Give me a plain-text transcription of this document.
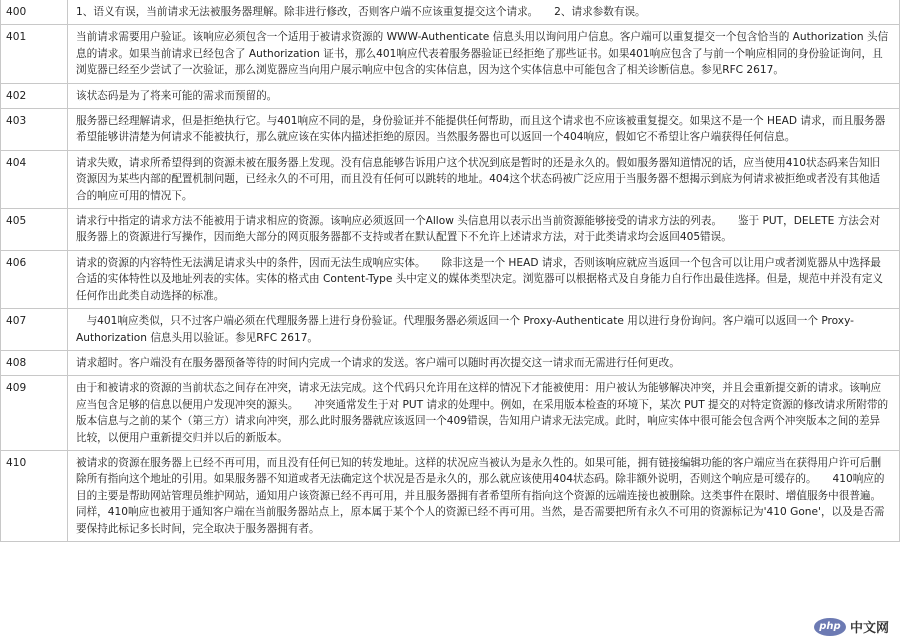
400	1、语义有误，当前请求无法被服务器理解。除非进行修改，否则客户端不应该重复提交这个请求。　　2、请求参数有误。
401	当前请求需要用户验证。该响应必须包含一个适用于被请求资源的 WWW-Authenticate 信息头用以询问用户信息。客户端可以重复提交一个包含恰当的 Authorization 头信息的请求。如果当前请求已经包含了 Authorization 证书，那么401响应代表着服务器验证已经拒绝了那些证书。如果401响应包含了与前一个响应相同的身份验证询问，且浏览器已经至少尝试了一次验证，那么浏览器应当向用户展示响应中包含的实体信息，因为这个实体信息中可能包含了相关诊断信息。参见RFC 2617。
402	该状态码是为了将来可能的需求而预留的。
403	服务器已经理解请求，但是拒绝执行它。与401响应不同的是，身份验证并不能提供任何帮助，而且这个请求也不应该被重复提交。如果这不是一个 HEAD 请求，而且服务器希望能够讲清楚为何请求不能被执行，那么就应该在实体内描述拒绝的原因。当然服务器也可以返回一个404响应，假如它不希望让客户端获得任何信息。
404	请求失败，请求所希望得到的资源未被在服务器上发现。没有信息能够告诉用户这个状况到底是暂时的还是永久的。假如服务器知道情况的话，应当使用410状态码来告知旧资源因为某些内部的配置机制问题，已经永久的不可用，而且没有任何可以跳转的地址。404这个状态码被广泛应用于当服务器不想揭示到底为何请求被拒绝或者没有其他适合的响应可用的情况下。
405	请求行中指定的请求方法不能被用于请求相应的资源。该响应必须返回一个Allow 头信息用以表示出当前资源能够接受的请求方法的列表。　　鉴于 PUT，DELETE 方法会对服务器上的资源进行写操作，因而绝大部分的网页服务器都不支持或者在默认配置下不允许上述请求方法，对于此类请求均会返回405错误。
406	请求的资源的内容特性无法满足请求头中的条件，因而无法生成响应实体。　　除非这是一个 HEAD 请求，否则该响应就应当返回一个包含可以让用户或者浏览器从中选择最合适的实体特性以及地址列表的实体。实体的格式由 Content-Type 头中定义的媒体类型决定。浏览器可以根据格式及自身能力自行作出最佳选择。但是，规范中并没有定义任何作出此类自动选择的标准。
407	　与401响应类似，只不过客户端必须在代理服务器上进行身份验证。代理服务器必须返回一个 Proxy-Authenticate 用以进行身份询问。客户端可以返回一个 Proxy-Authorization 信息头用以验证。参见RFC 2617。
408	请求超时。客户端没有在服务器预备等待的时间内完成一个请求的发送。客户端可以随时再次提交这一请求而无需进行任何更改。
409	由于和被请求的资源的当前状态之间存在冲突，请求无法完成。这个代码只允许用在这样的情况下才能被使用：用户被认为能够解决冲突，并且会重新提交新的请求。该响应应当包含足够的信息以便用户发现冲突的源头。　　冲突通常发生于对 PUT 请求的处理中。例如，在采用版本检查的环境下，某次 PUT 提交的对特定资源的修改请求所附带的版本信息与之前的某个（第三方）请求向冲突，那么此时服务器就应该返回一个409错误，告知用户请求无法完成。此时，响应实体中很可能会包含两个冲突版本之间的差异比较，以便用户重新提交归并以后的新版本。
410	被请求的资源在服务器上已经不再可用，而且没有任何已知的转发地址。这样的状况应当被认为是永久性的。如果可能，拥有链接编辑功能的客户端应当在获得用户许可后删除所有指向这个地址的引用。如果服务器不知道或者无法确定这个状况是否是永久的，那么就应该使用404状态码。除非额外说明，否则这个响应是可缓存的。　　410响应的目的主要是帮助网站管理员维护网站，通知用户该资源已经不再可用，并且服务器拥有者希望所有指向这个资源的远端连接也被删除。这类事件在限时、增值服务中很普遍。同样，410响应也被用于通知客户端在当前服务器站点上，原本属于某个个人的资源已经不再可用。当然，是否需要把所有永久不可用的资源标记为'410 Gone'，以及是否需要保持此标记多长时间，完全取决于服务器拥有者。
php 中文网
